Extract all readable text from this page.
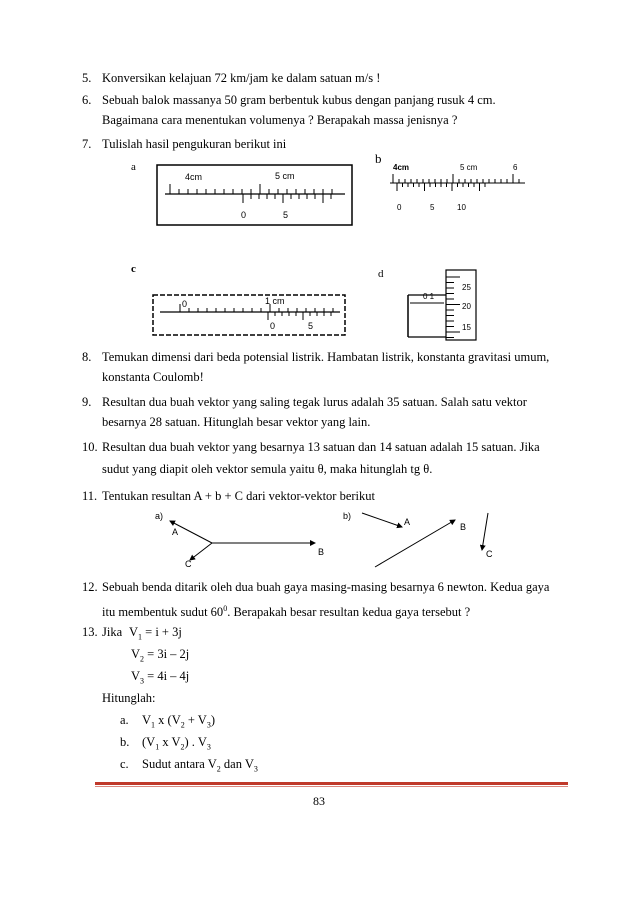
5. Konversikan kelajuan 72 km/jam ke dalam satuan m/s !
6. Sebuah balok massanya 50 gram berbentuk kubus dengan panjang rusuk 4 cm.
Bagaimana cara menentukan volumenya ? Berapakah massa jenisnya ?
7. Tulislah hasil pengukuran berikut ini
a
c
b
d
4cm	5 cm
0	5
4cm	5 cm	6
0	5	10
0	1 cm
0	5
0 1
25
20
15
8. Temukan dimensi dari beda potensial listrik. Hambatan listrik, konstanta gravitasi umum,
konstanta Coulomb!
9. Resultan dua buah vektor yang saling tegak lurus adalah 35 satuan. Salah satu vektor
besarnya 28 satuan. Hitunglah besar vektor yang lain.
10. Resultan dua buah vektor yang besarnya 13 satuan dan 14 satuan adalah 15 satuan. Jika
sudut yang diapit oleh vektor semula yaitu θ, maka hitunglah tg θ.
11. Tentukan resultan A + b + C dari vektor-vektor berikut
a)
A
B
C
b)
A	B
C
12. Sebuah benda ditarik oleh dua buah gaya masing-masing besarnya 6 newton. Kedua gaya
itu membentuk sudut $60^0$. Berapakah besar resultan kedua gaya tersebut ?
13. Jika $V_1 = i + 3j$
$V_2 = 3i - 2j$
$V_3 = 4i - 4j$
Hitunglah:
a. $V_1$ x $(V_2 + V_3)$
b. ($V_1$ x $V_2$) . $V_3$
c. Sudut antara $V_2$ dan $V_3$
83
